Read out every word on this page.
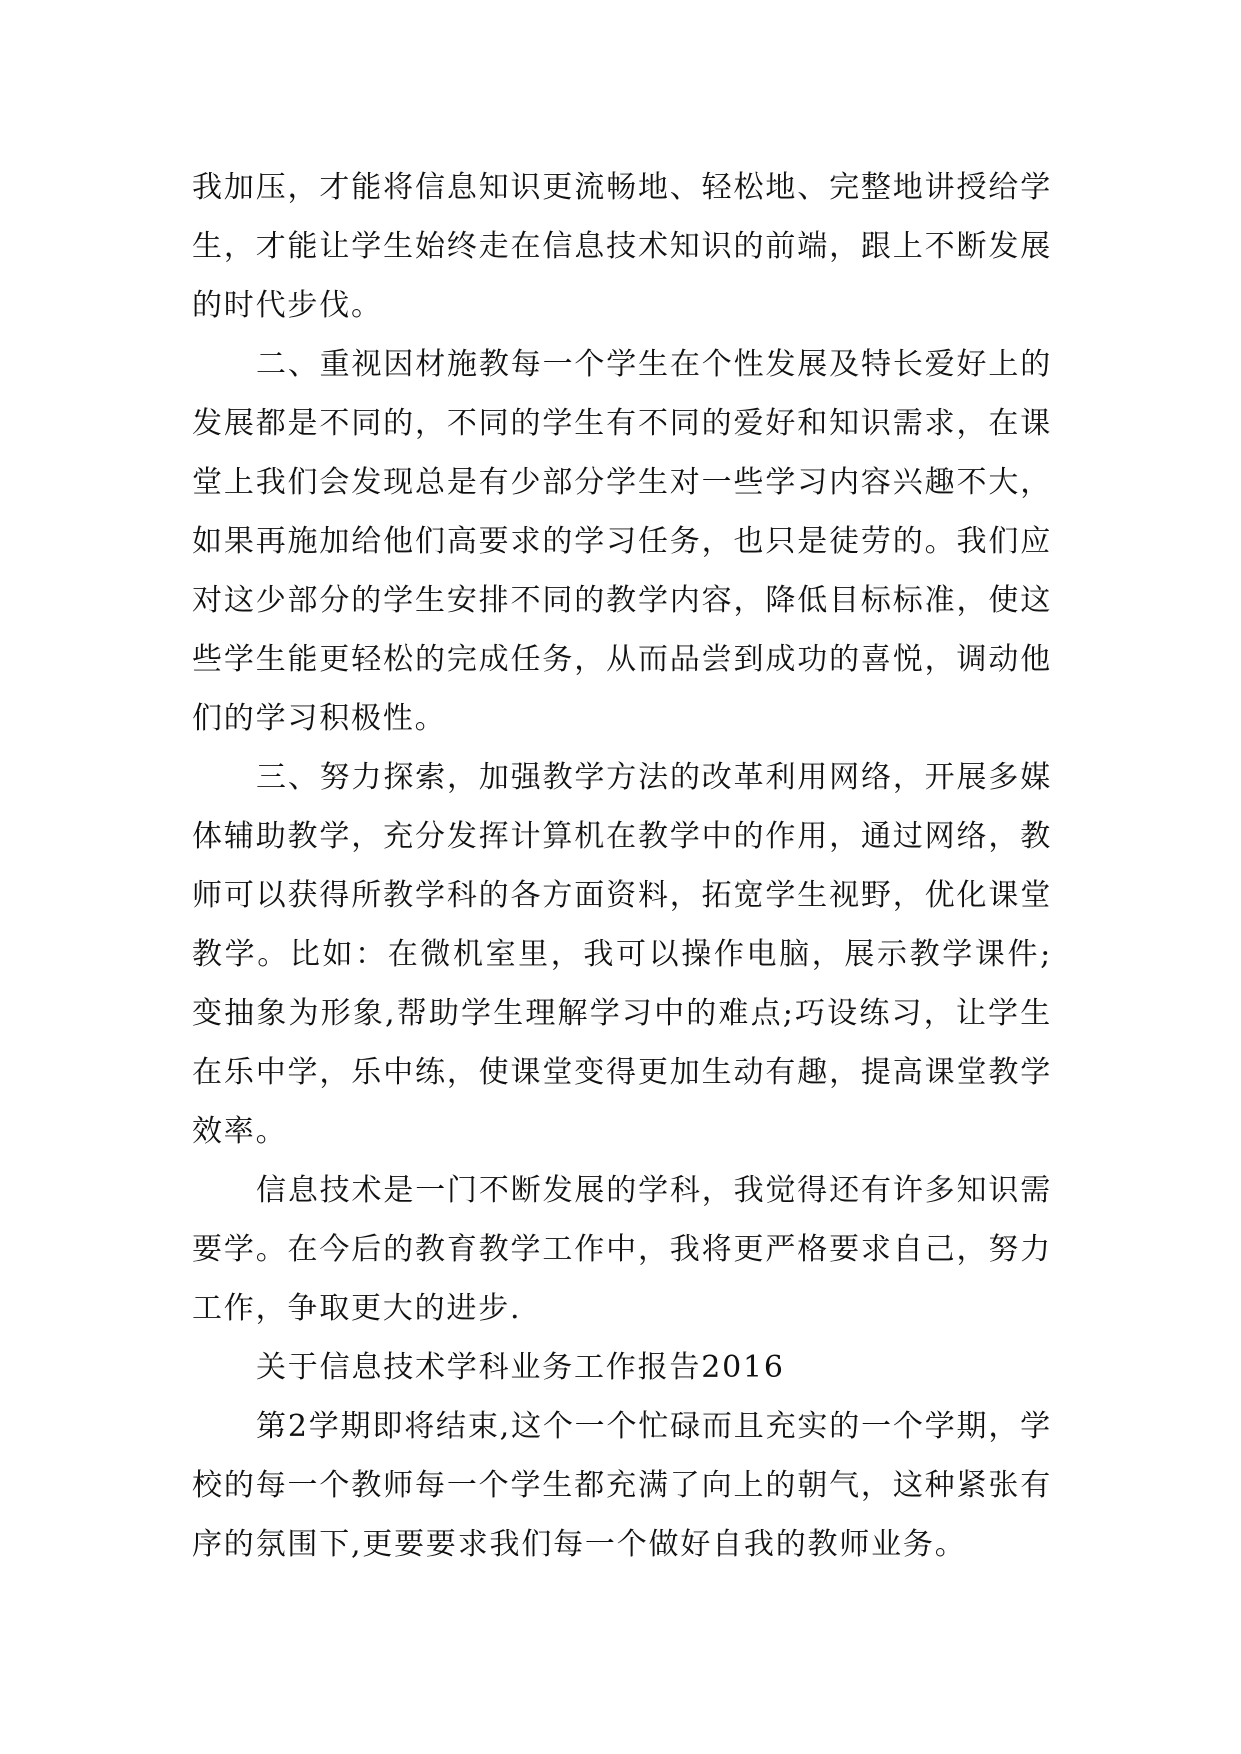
我加压，才能将信息知识更流畅地、轻松地、完整地讲授给学生，才能让学生始终走在信息技术知识的前端，跟上不断发展的时代步伐。

二、重视因材施教每一个学生在个性发展及特长爱好上的发展都是不同的，不同的学生有不同的爱好和知识需求，在课堂上我们会发现总是有少部分学生对一些学习内容兴趣不大，如果再施加给他们高要求的学习任务，也只是徒劳的。我们应对这少部分的学生安排不同的教学内容，降低目标标准，使这些学生能更轻松的完成任务，从而品尝到成功的喜悦，调动他们的学习积极性。

三、努力探索，加强教学方法的改革利用网络，开展多媒体辅助教学，充分发挥计算机在教学中的作用，通过网络，教师可以获得所教学科的各方面资料，拓宽学生视野，优化课堂教学。比如：在微机室里，我可以操作电脑，展示教学课件;变抽象为形象,帮助学生理解学习中的难点;巧设练习，让学生在乐中学，乐中练，使课堂变得更加生动有趣，提高课堂教学效率。

信息技术是一门不断发展的学科，我觉得还有许多知识需要学。在今后的教育教学工作中，我将更严格要求自己，努力工作，争取更大的进步.

关于信息技术学科业务工作报告2016

第2学期即将结束,这个一个忙碌而且充实的一个学期，学校的每一个教师每一个学生都充满了向上的朝气，这种紧张有序的氛围下,更要要求我们每一个做好自我的教师业务。
